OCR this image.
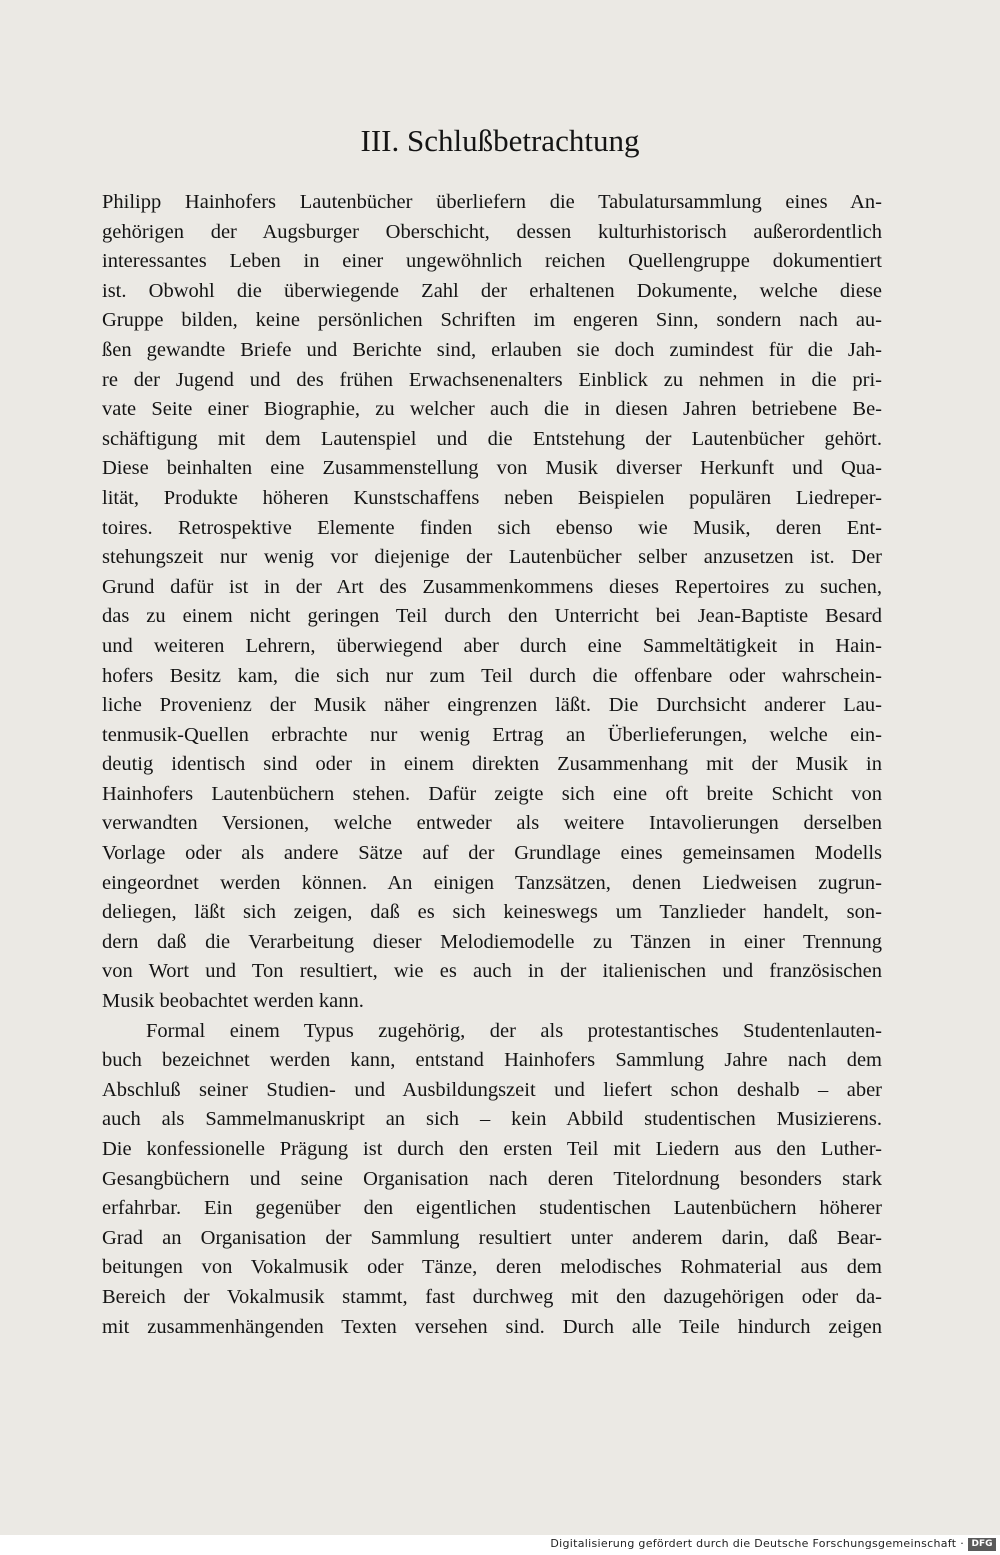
III. Schlußbetrachtung
Philipp Hainhofers Lautenbücher überliefern die Tabulatursammlung eines An-
gehörigen der Augsburger Oberschicht, dessen kulturhistorisch außerordentlich
interessantes Leben in einer ungewöhnlich reichen Quellengruppe dokumentiert
ist. Obwohl die überwiegende Zahl der erhaltenen Dokumente, welche diese
Gruppe bilden, keine persönlichen Schriften im engeren Sinn, sondern nach au-
ßen gewandte Briefe und Berichte sind, erlauben sie doch zumindest für die Jah-
re der Jugend und des frühen Erwachsenenalters Einblick zu nehmen in die pri-
vate Seite einer Biographie, zu welcher auch die in diesen Jahren betriebene Be-
schäftigung mit dem Lautenspiel und die Entstehung der Lautenbücher gehört.
Diese beinhalten eine Zusammenstellung von Musik diverser Herkunft und Qua-
lität, Produkte höheren Kunstschaffens neben Beispielen populären Liedreper-
toires. Retrospektive Elemente finden sich ebenso wie Musik, deren Ent-
stehungszeit nur wenig vor diejenige der Lautenbücher selber anzusetzen ist. Der
Grund dafür ist in der Art des Zusammenkommens dieses Repertoires zu suchen,
das zu einem nicht geringen Teil durch den Unterricht bei Jean-Baptiste Besard
und weiteren Lehrern, überwiegend aber durch eine Sammeltätigkeit in Hain-
hofers Besitz kam, die sich nur zum Teil durch die offenbare oder wahrschein-
liche Provenienz der Musik näher eingrenzen läßt. Die Durchsicht anderer Lau-
tenmusik-Quellen erbrachte nur wenig Ertrag an Überlieferungen, welche ein-
deutig identisch sind oder in einem direkten Zusammenhang mit der Musik in
Hainhofers Lautenbüchern stehen. Dafür zeigte sich eine oft breite Schicht von
verwandten Versionen, welche entweder als weitere Intavolierungen derselben
Vorlage oder als andere Sätze auf der Grundlage eines gemeinsamen Modells
eingeordnet werden können. An einigen Tanzsätzen, denen Liedweisen zugrun-
deliegen, läßt sich zeigen, daß es sich keineswegs um Tanzlieder handelt, son-
dern daß die Verarbeitung dieser Melodiemodelle zu Tänzen in einer Trennung
von Wort und Ton resultiert, wie es auch in der italienischen und französischen
Musik beobachtet werden kann.
Formal einem Typus zugehörig, der als protestantisches Studentenlauten-
buch bezeichnet werden kann, entstand Hainhofers Sammlung Jahre nach dem
Abschluß seiner Studien- und Ausbildungszeit und liefert schon deshalb – aber
auch als Sammelmanuskript an sich – kein Abbild studentischen Musizierens.
Die konfessionelle Prägung ist durch den ersten Teil mit Liedern aus den Luther-
Gesangbüchern und seine Organisation nach deren Titelordnung besonders stark
erfahrbar. Ein gegenüber den eigentlichen studentischen Lautenbüchern höherer
Grad an Organisation der Sammlung resultiert unter anderem darin, daß Bear-
beitungen von Vokalmusik oder Tänze, deren melodisches Rohmaterial aus dem
Bereich der Vokalmusik stammt, fast durchweg mit den dazugehörigen oder da-
mit zusammenhängenden Texten versehen sind. Durch alle Teile hindurch zeigen
Digitalisierung gefördert durch die Deutsche Forschungsgemeinschaft · DFG
